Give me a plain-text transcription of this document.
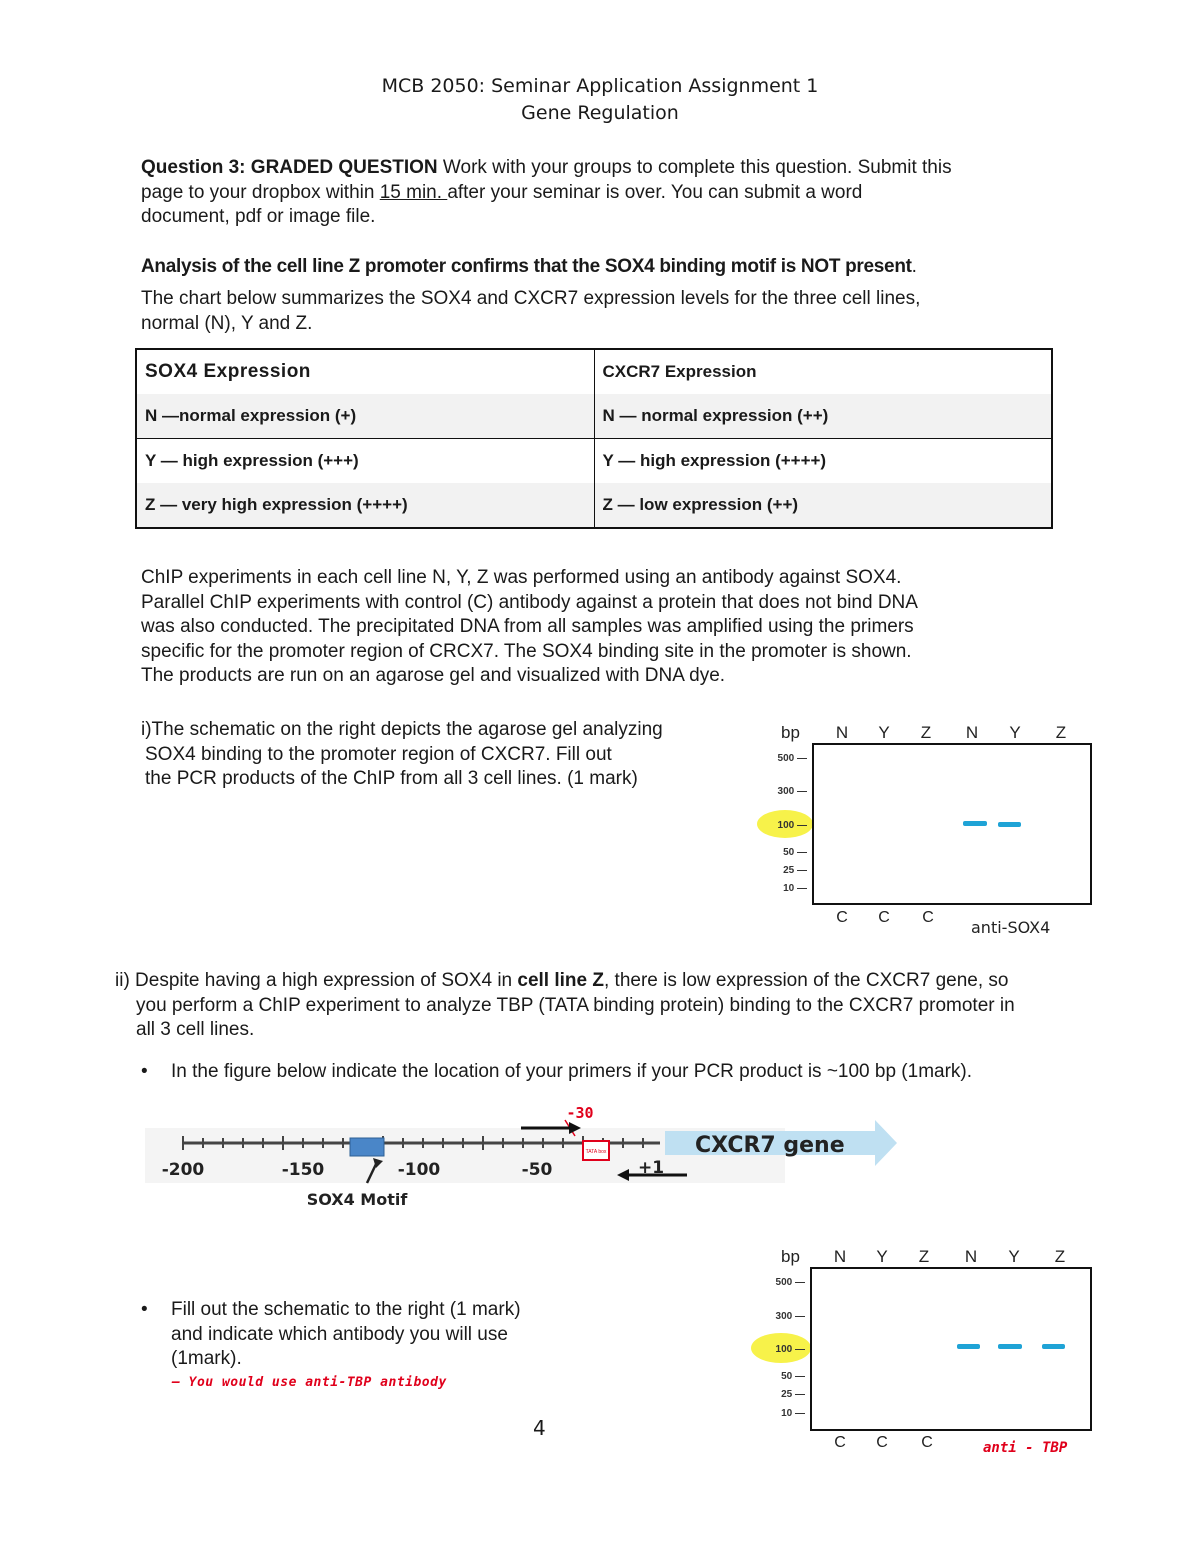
MCB 2050: Seminar Application Assignment 1
Gene Regulation
Question 3: GRADED QUESTION Work with your groups to complete this question. Submit this
page to your dropbox within 15 min. after your seminar is over. You can submit a word
document, pdf or image file.
Analysis of the cell line Z promoter confirms that the SOX4 binding motif is NOT present.
The chart below summarizes the SOX4 and CXCR7 expression levels for the three cell lines,
normal (N), Y and Z.
SOX4 Expression	CXCR7 Expression
N —normal expression (+)	N — normal expression (++)
Y — high expression (+++)	Y — high expression (++++)
Z — very high expression (++++)	Z — low expression (++)
ChIP experiments in each cell line N, Y, Z was performed using an antibody against SOX4.
Parallel ChIP experiments with control (C) antibody against a protein that does not bind DNA
was also conducted. The precipitated DNA from all samples was amplified using the primers
specific for the promoter region of CRCX7. The SOX4 binding site in the promoter is shown.
The products are run on an agarose gel and visualized with DNA dye.
i)The schematic on the right depicts the agarose gel analyzing
SOX4 binding to the promoter region of CXCR7. Fill out
the PCR products of the ChIP from all 3 cell lines. (1 mark)
bp N Y Z N Y Z
500 —
300 —
100 —
50 —
25 —
10 —
C C C
anti-SOX4
ii) Despite having a high expression of SOX4 in cell line Z, there is low expression of the CXCR7 gene, so
you perform a ChIP experiment to analyze TBP (TATA binding protein) binding to the CXCR7 promoter in
all 3 cell lines.
• In the figure below indicate the location of your primers if your PCR product is ~100 bp (1mark).
TATA box	CXCR7 gene
-200	-150	-100	-50	+1
SOX4 Motif
-30
• Fill out the schematic to the right (1 mark)
and indicate which antibody you will use
(1mark).
— You would use anti-TBP antibody
4
bp N Y Z N Y Z
500 —
300 —
100 —
50 —
25 —
10 —
C C C	anti - TBP
